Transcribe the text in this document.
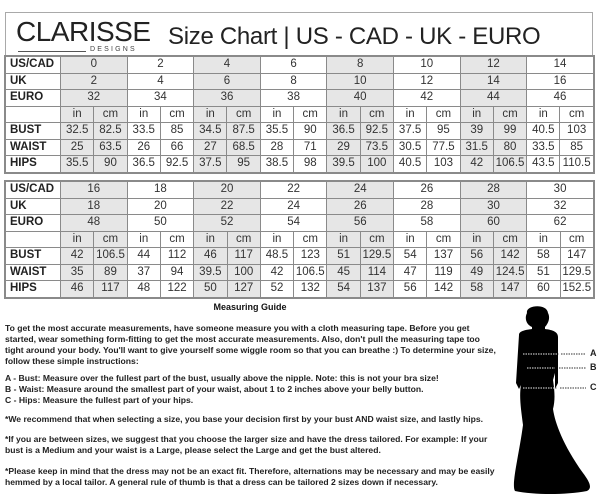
CLARISSE
DESIGNS Size Chart | US - CAD - UK - EURO
US/CAD	0		2		4		6		8		10		12		14	
UK	2		4		6		8		10		12		14		16	
EURO	32		34		36		38		40		42		44		46	
	in	cm	in	cm	in	cm	in	cm	in	cm	in	cm	in	cm	in	cm
BUST	32.5	82.5	33.5	85	34.5	87.5	35.5	90	36.5	92.5	37.5	95	39	99	40.5	103
WAIST	25	63.5	26	66	27	68.5	28	71	29	73.5	30.5	77.5	31.5	80	33.5	85
HIPS	35.5	90	36.5	92.5	37.5	95	38.5	98	39.5	100	40.5	103	42	106.5	43.5	110.5
US/CAD	16		18		20		22		24		26		28		30	
UK	18		20		22		24		26		28		30		32	
EURO	48		50		52		54		56		58		60		62	
	in	cm	in	cm	in	cm	in	cm	in	cm	in	cm	in	cm	in	cm
BUST	42	106.5	44	112	46	117	48.5	123	51	129.5	54	137	56	142	58	147
WAIST	35	89	37	94	39.5	100	42	106.5	45	114	47	119	49	124.5	51	129.5
HIPS	46	117	48	122	50	127	52	132	54	137	56	142	58	147	60	152.5
Measuring Guide

To get the most accurate measurements, have someone measure you with a cloth measuring tape. Before you get started, wear something form-fitting to get the most accurate measurements. Also, don't pull the measuring tape too tight around your body. You'll want to give yourself some wiggle room so that you can breathe :) To determine your size, follow these simple instructions:

A - Bust: Measure over the fullest part of the bust, usually above the nipple. Note: this is not your bra size!

B - Waist: Measure around the smallest part of your waist, about 1 to 2 inches above your belly button.

C - Hips: Measure the fullest part of your hips.

*We recommend that when selecting a size, you base your decision first by your bust AND waist size, and lastly hips.

*If you are between sizes, we suggest that you choose the larger size and have the dress tailored. For example: If your bust is a Medium and your waist is a Large, please select the Large and get the bust altered.

*Please keep in mind that the dress may not be an exact fit. Therefore, alternations may be necessary and may be easily hemmed by a local tailor. A general rule of thumb is that a dress can be tailored 2 sizes down if necessary.

A
B
C
